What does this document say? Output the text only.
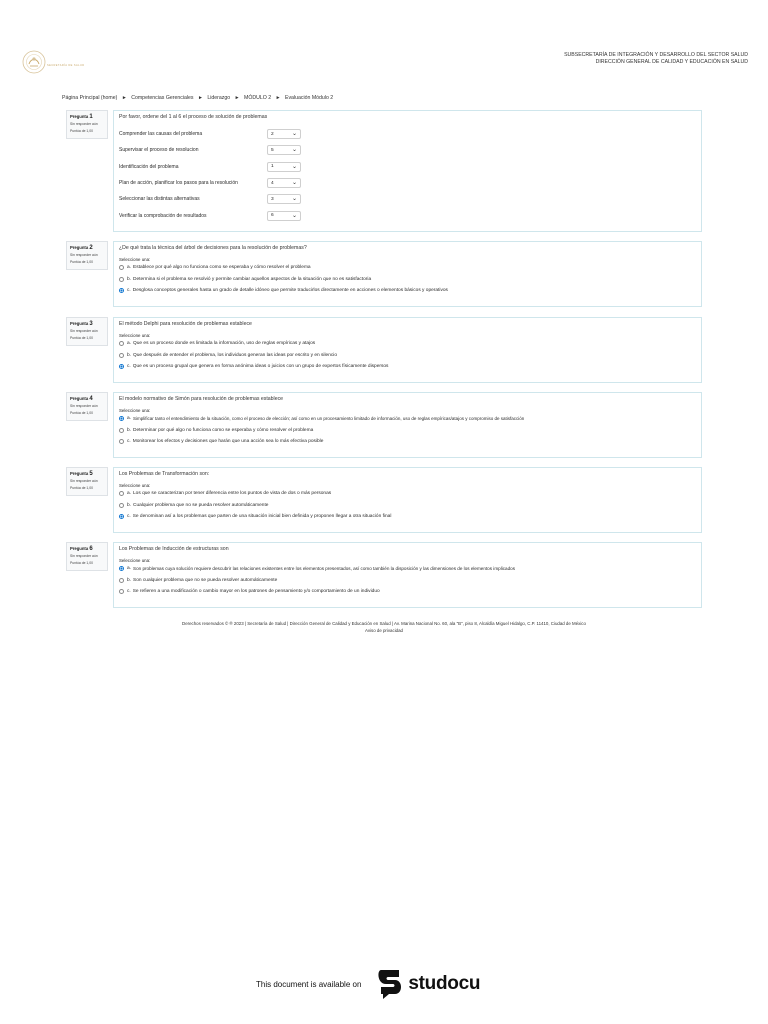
SECRETARÍA DE SALUD
SUBSECRETARÍA DE INTEGRACIÓN Y DESARROLLO DEL SECTOR SALUD
DIRECCIÓN GENERAL DE CALIDAD Y EDUCACIÓN EN SALUD
Página Principal (home) ► Competencias Gerenciales ► Liderazgo ► MÓDULO 2 ► Evaluación Módulo 2
Pregunta 1
Sin responder aún
Puntúa de 1,00
Por favor, ordene del 1 al 6 el proceso de solución de problemas
Comprender las causas del problema	2	⌄
Supervisar el proceso de resolucion	5	⌄
Identificación del problema	1	⌄
Plan de acción, planificar los pasos para la resolución	4	⌄
Seleccionar las distintas alternativas	3	⌄
Verificar la comprobación de resultados	6	⌄
Pregunta 2
Sin responder aún
Puntúa de 1,00
¿De qué trata la técnica del árbol de decisiones para la resolución de problemas?
Seleccione una:
a. Establece por qué algo no funciona como se esperaba y cómo resolver el problema
b. Determina si el problema se resolvió y permite cambiar aquellos aspectos de la situación que no es satisfactoria
c. Desglosa conceptos generales hasta un grado de detalle idóneo que permite traducirlos directamente en acciones o elementos básicos y operativos
Pregunta 3
Sin responder aún
Puntúa de 1,00
El método Delphi para resolución de problemas establece
Seleccione una:
a. Que es un proceso donde es limitada la información, uso de reglas empíricas y atajos
b. Que después de entender el problema, los individuos generan las ideas por escrito y en silencio
c. Que es un proceso grupal que genera en forma anónima ideas o juicios con un grupo de expertos físicamente dispersos
Pregunta 4
Sin responder aún
Puntúa de 1,00
El modelo normativo de Simón para resolución de problemas establece
Seleccione una:
a. Simplificar tanto el entendimiento de la situación, como el proceso de elección; así como en un procesamiento limitado de información, uso de reglas empíricas/atajos y compromiso de satisfacción
b. Determinar por qué algo no funciona como se esperaba y cómo resolver el problema
c. Monitorear los efectos y decisiones que harán que una acción sea lo más efectiva posible
Pregunta 5
Sin responder aún
Puntúa de 1,00
Los Problemas de Transformación son:
Seleccione una:
a. Los que se caracterizan por tener diferencia entre los puntos de vista de dos o más personas
b. Cualquier problema que no se pueda resolver automáticamente
c. Se denominan así a los problemas que parten de una situación inicial bien definida y proponen llegar a otra situación final
Pregunta 6
Sin responder aún
Puntúa de 1,00
Los Problemas de Inducción de estructuras son
Seleccione una:
a. Son problemas cuya solución requiere descubrir las relaciones existentes entre los elementos presentados, así como también la disposición y las dimensiones de los elementos implicados
b. Son cualquier problema que no se pueda resolver automáticamente
c. Se refieren a una modificación o cambio mayor en los patrones de pensamiento y/o comportamiento de un individuo
Derechos reservados © ® 2023 | Secretaría de Salud | Dirección General de Calidad y Educación en Salud | Av. Marina Nacional No. 60, ala "B", piso 8, Alcaldía Miguel Hidalgo, C.P. 11410, Ciudad de México
Aviso de privacidad
This document is available on studocu
